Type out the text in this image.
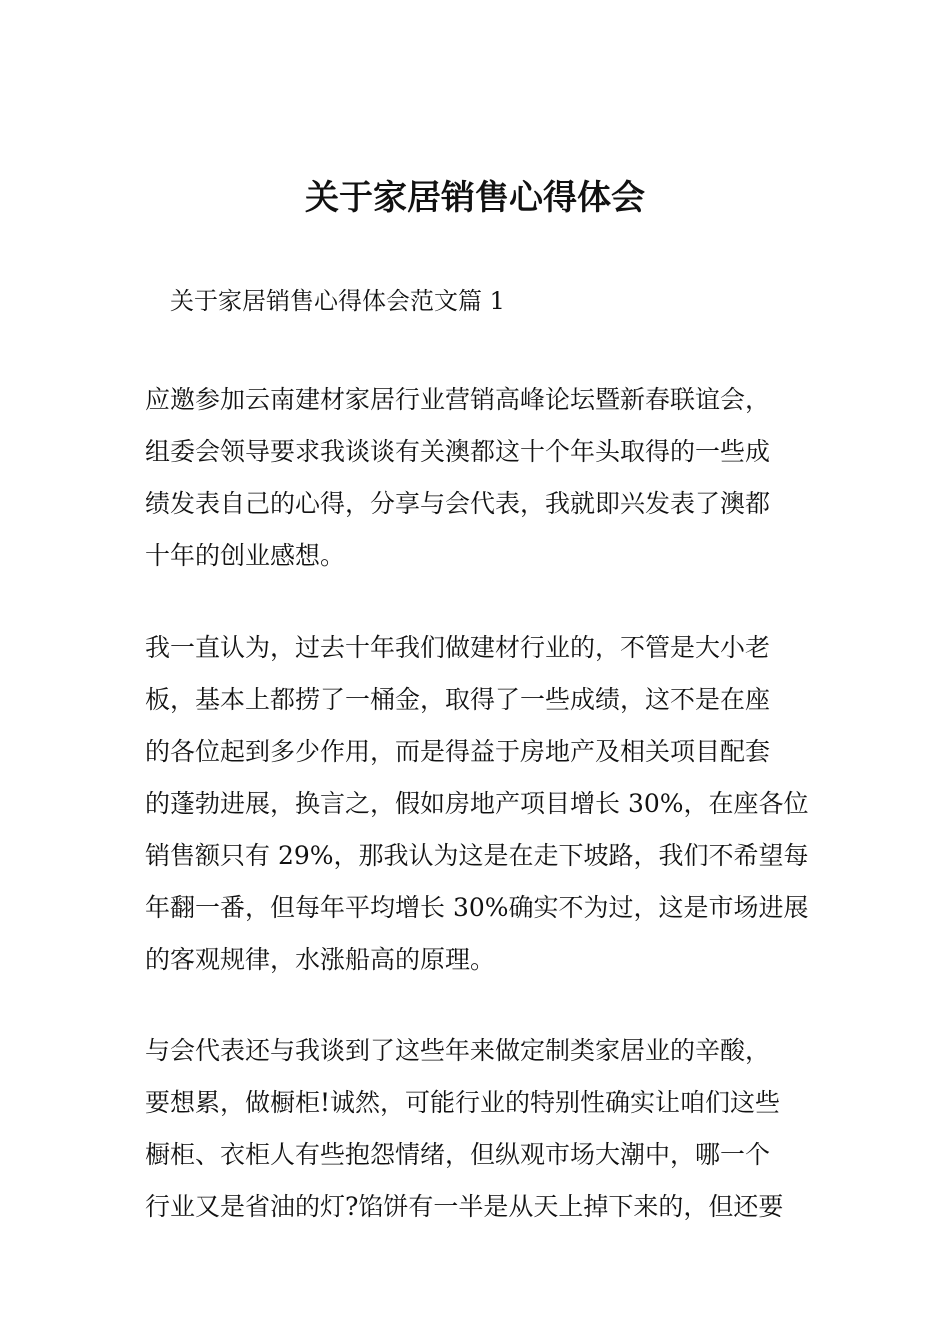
关于家居销售心得体会

关于家居销售心得体会范文篇 1

应邀参加云南建材家居行业营销高峰论坛暨新春联谊会，
组委会领导要求我谈谈有关澳都这十个年头取得的一些成
绩发表自己的心得，分享与会代表，我就即兴发表了澳都
十年的创业感想。

我一直认为，过去十年我们做建材行业的，不管是大小老
板，基本上都捞了一桶金，取得了一些成绩，这不是在座
的各位起到多少作用，而是得益于房地产及相关项目配套
的蓬勃进展，换言之，假如房地产项目增长 30%，在座各位
销售额只有 29%，那我认为这是在走下坡路，我们不希望每
年翻一番，但每年平均增长 30%确实不为过，这是市场进展
的客观规律，水涨船高的原理。

与会代表还与我谈到了这些年来做定制类家居业的辛酸，
要想累，做橱柜!诚然，可能行业的特别性确实让咱们这些
橱柜、衣柜人有些抱怨情绪，但纵观市场大潮中，哪一个
行业又是省油的灯?馅饼有一半是从天上掉下来的，但还要
